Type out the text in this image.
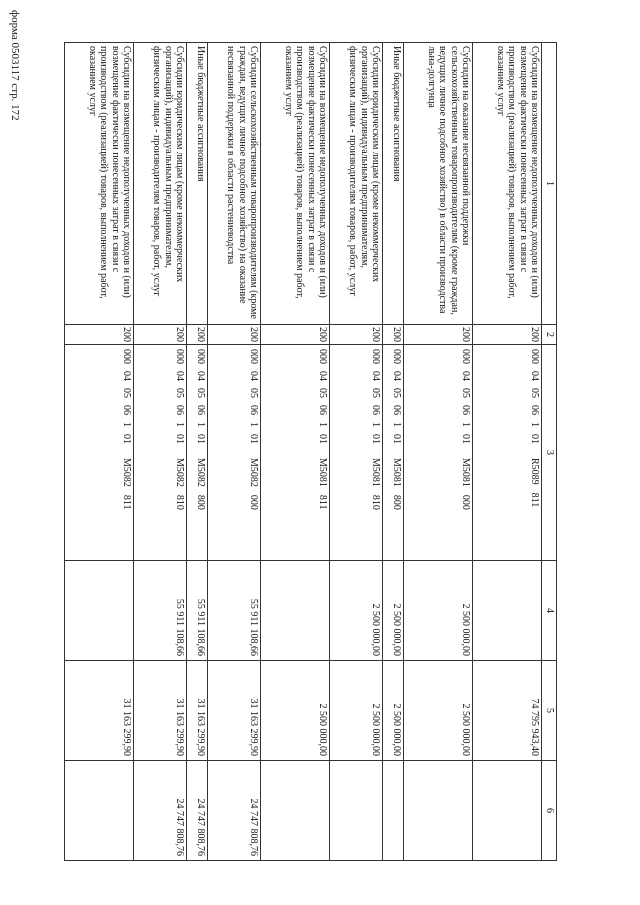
форма 0503117 стр. 172
1	2	3	4	5	6
Субсидии на возмещение недополученных доходов и (или) возмещение фактически понесенных затрат в связи с производством (реализацией) товаров, выполнением работ, оказанием услуг	200	000040506101R5089811		74 795 943,40	
Субсидии на оказание несвязанной поддержки сельскохозяйственным товаропроизводителям (кроме граждан, ведущих личное подсобное хозяйство) в области производства льна-долгунца	200	000040506101M5081000	2 500 000,00	2 500 000,00	
Иные бюджетные ассигнования	200	000040506101M5081800	2 500 000,00	2 500 000,00	
Субсидии юридическим лицам (кроме некоммерческих организаций), индивидуальным предпринимателям, физическим лицам - производителям товаров, работ, услуг	200	000040506101M5081810	2 500 000,00	2 500 000,00	
Субсидии на возмещение недополученных доходов и (или) возмещение фактически понесенных затрат в связи с производством (реализацией) товаров, выполнением работ, оказанием услуг	200	000040506101M5081811		2 500 000,00	
Субсидии сельскохозяйственным товаропроизводителям (кроме граждан, ведущих личное подсобное хозяйство) на оказание несвязанной поддержки в области растениеводства	200	000040506101M5082000	55 911 108,66	31 163 299,90	24 747 808,76
Иные бюджетные ассигнования	200	000040506101M5082800	55 911 108,66	31 163 299,90	24 747 808,76
Субсидии юридическим лицам (кроме некоммерческих организаций), индивидуальным предпринимателям, физическим лицам - производителям товаров, работ, услуг	200	000040506101M5082810	55 911 108,66	31 163 299,90	24 747 808,76
Субсидии на возмещение недополученных доходов и (или) возмещение фактически понесенных затрат в связи с производством (реализацией) товаров, выполнением работ, оказанием услуг	200	000040506101M5082811		31 163 299,90	
